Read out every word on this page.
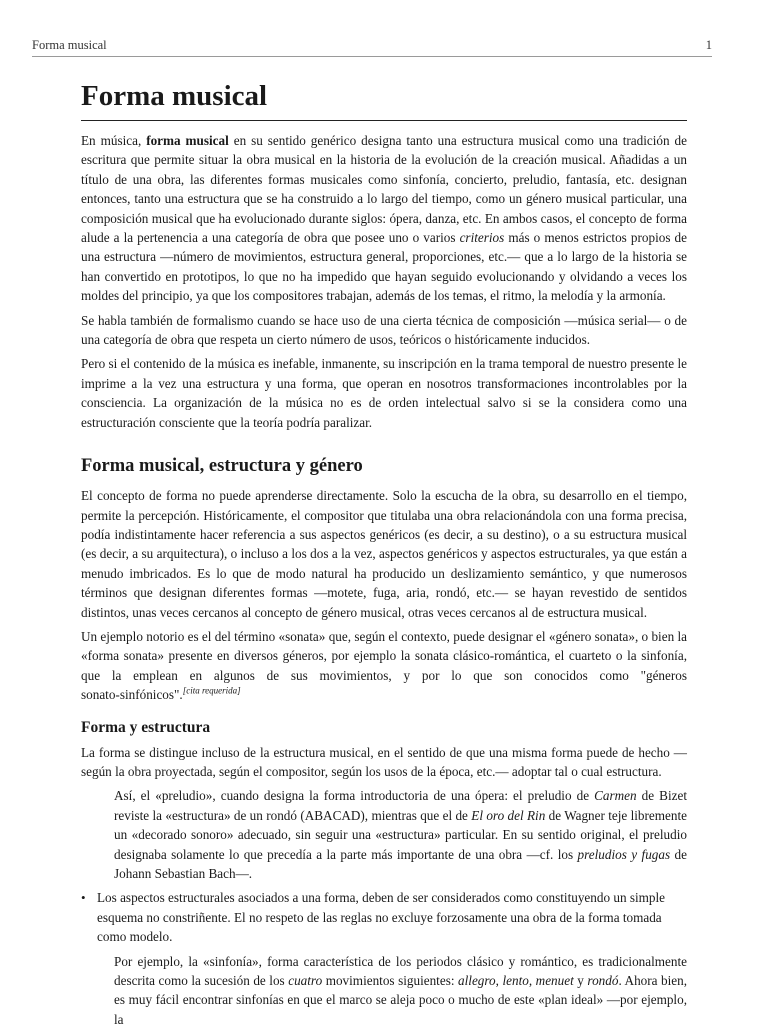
Forma musical	1
Forma musical

En música, forma musical en su sentido genérico designa tanto una estructura musical como una tradición de escritura que permite situar la obra musical en la historia de la evolución de la creación musical. Añadidas a un título de una obra, las diferentes formas musicales como sinfonía, concierto, preludio, fantasía, etc. designan entonces, tanto una estructura que se ha construido a lo largo del tiempo, como un género musical particular, una composición musical que ha evolucionado durante siglos: ópera, danza, etc. En ambos casos, el concepto de forma alude a la pertenencia a una categoría de obra que posee uno o varios criterios más o menos estrictos propios de una estructura —número de movimientos, estructura general, proporciones, etc.— que a lo largo de la historia se han convertido en prototipos, lo que no ha impedido que hayan seguido evolucionando y olvidando a veces los moldes del principio, ya que los compositores trabajan, además de los temas, el ritmo, la melodía y la armonía.

Se habla también de formalismo cuando se hace uso de una cierta técnica de composición —música serial— o de una categoría de obra que respeta un cierto número de usos, teóricos o históricamente inducidos.

Pero si el contenido de la música es inefable, inmanente, su inscripción en la trama temporal de nuestro presente le imprime a la vez una estructura y una forma, que operan en nosotros transformaciones incontrolables por la consciencia. La organización de la música no es de orden intelectual salvo si se la considera como una estructuración consciente que la teoría podría paralizar.

Forma musical, estructura y género

El concepto de forma no puede aprenderse directamente. Solo la escucha de la obra, su desarrollo en el tiempo, permite la percepción. Históricamente, el compositor que titulaba una obra relacionándola con una forma precisa, podía indistintamente hacer referencia a sus aspectos genéricos (es decir, a su destino), o a su estructura musical (es decir, a su arquitectura), o incluso a los dos a la vez, aspectos genéricos y aspectos estructurales, ya que están a menudo imbricados. Es lo que de modo natural ha producido un deslizamiento semántico, y que numerosos términos que designan diferentes formas —motete, fuga, aria, rondó, etc.— se hayan revestido de sentidos distintos, unas veces cercanos al concepto de género musical, otras veces cercanos al de estructura musical.

Un ejemplo notorio es el del término «sonata» que, según el contexto, puede designar el «género sonata», o bien la «forma sonata» presente en diversos géneros, por ejemplo la sonata clásico-romántica, el cuarteto o la sinfonía, que la emplean en algunos de sus movimientos, y por lo que son conocidos como "géneros

sonato-sinfónicos".[cita requerida]

Forma y estructura

La forma se distingue incluso de la estructura musical, en el sentido de que una misma forma puede de hecho —según la obra proyectada, según el compositor, según los usos de la época, etc.— adoptar tal o cual estructura.

Así, el «preludio», cuando designa la forma introductoria de una ópera: el preludio de Carmen de Bizet reviste la «estructura» de un rondó (ABACAD), mientras que el de El oro del Rin de Wagner teje libremente un «decorado sonoro» adecuado, sin seguir una «estructura» particular. En su sentido original, el preludio designaba solamente lo que precedía a la parte más importante de una obra —cf. los preludios y fugas de Johann Sebastian Bach—.

• Los aspectos estructurales asociados a una forma, deben de ser considerados como constituyendo un simple esquema no constriñente. El no respeto de las reglas no excluye forzosamente una obra de la forma tomada como modelo.

Por ejemplo, la «sinfonía», forma característica de los periodos clásico y romántico, es tradicionalmente descrita como la sucesión de los cuatro movimientos siguientes: allegro, lento, menuet y rondó. Ahora bien, es muy fácil encontrar sinfonías en que el marco se aleja poco o mucho de este «plan ideal» —por ejemplo, la
